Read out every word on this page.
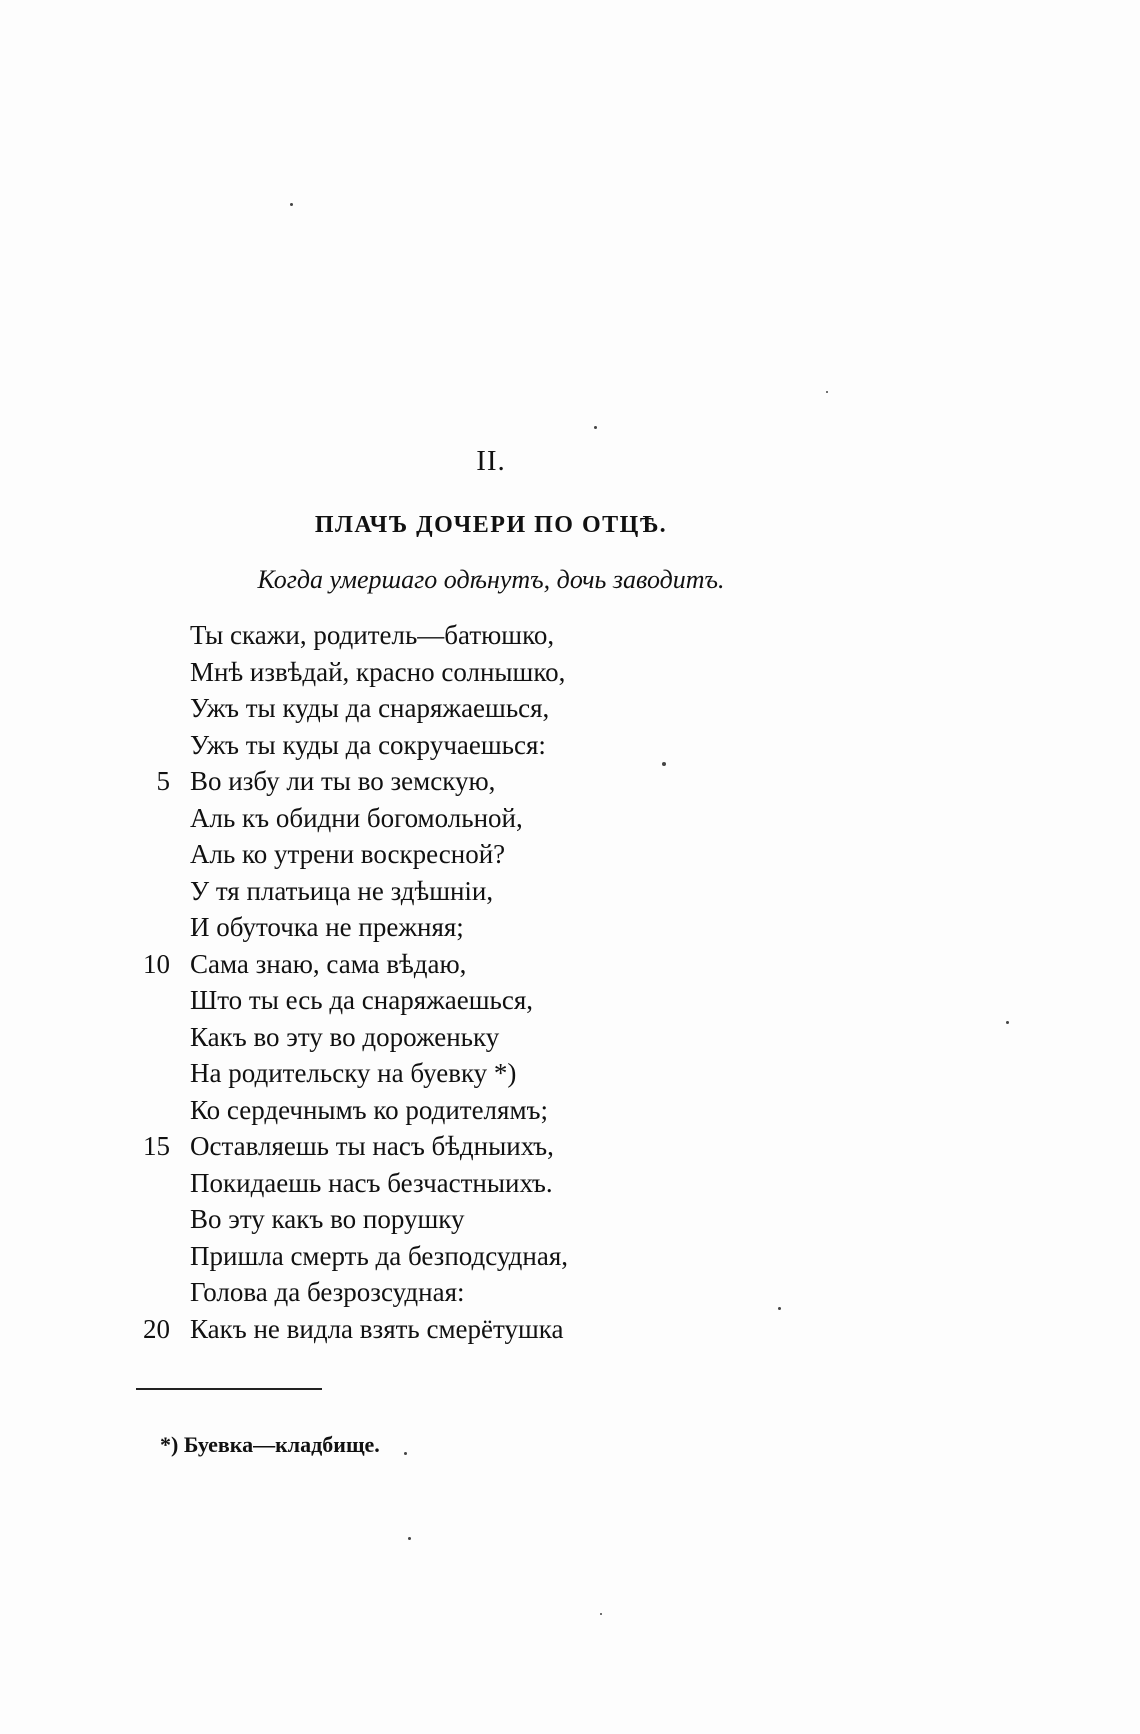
II.
ПЛАЧЪ ДОЧЕРИ ПО ОТЦѢ.
Когда умершаго одѣнутъ, дочь заводитъ.
Ты скажи, родитель—батюшко,
Мнѣ извѣдай, красно солнышко,
Ужъ ты куды да снаряжаешься,
Ужъ ты куды да сокручаешься:
5 Во избу ли ты во земскую,
Аль къ обидни богомольной,
Аль ко утрени воскресной?
У тя платьица не здѣшніи,
И обуточка не прежняя;
10 Сама знаю, сама вѣдаю,
Што ты есь да снаряжаешься,
Какъ во эту во дороженьку
На родительску на буевку *)
Ко сердечнымъ ко родителямъ;
15 Оставляешь ты насъ бѣдныихъ,
Покидаешь насъ безчастныихъ.
Во эту какъ во порушку
Пришла смерть да безподсудная,
Голова да безрозсудная:
20 Какъ не видла взять смерётушка
*) Буевка—кладбище.
